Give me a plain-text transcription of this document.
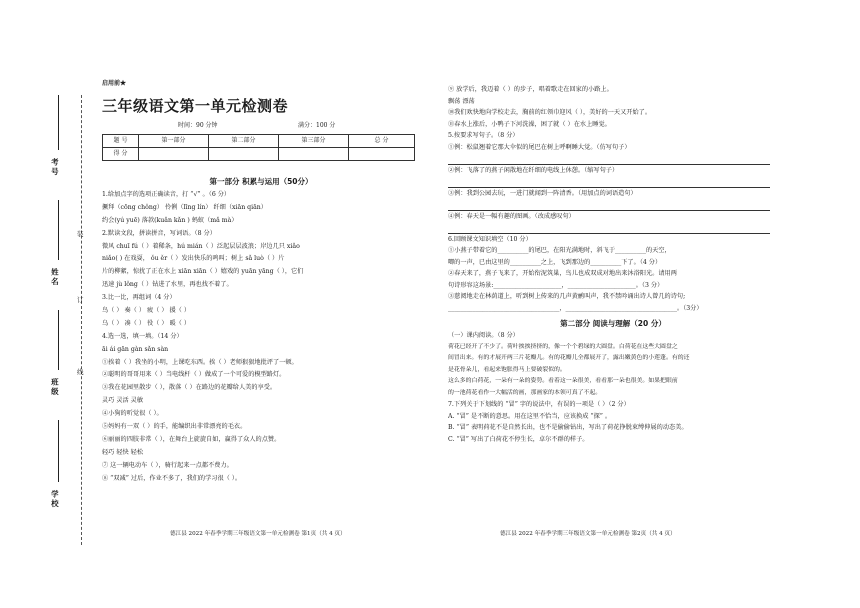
考号
姓名
班级
学校
装
订
线
启用前★
三年级语文第一单元检测卷
时间：90 分钟	满分：100 分
题 号	第一部分	第二部分	第三部分	总 分
得 分				
第一部分 积累与运用（50分）
1.给加点字的选项正确读音，打 “√” 。（6 分）
撅拜（cōng chǒng） 伶俐（līng lín） 纤细（xiān qiān）
约会(yú yuē) 落款(kuǎn kǎn ) 蚂蚁（mǎ mà）
2.默读文段，拼读拼音，写词语。（8 分）
微风 chuī fú（ ）着稀条，hú mián（ ）泛起层层波浪；岸边几只 xiǎo
niǎo( ) 在戏耍， ǒu ěr（ ）发出快乐的鸣叫；树上 sǎ luò（ ）片
片的柳絮，惊扰了正在水上 xiān xiān（ ）嬉戏的 yuān yāng（ ），它们
迅速 jù lǒng（ ）钻进了水里，再也找不着了。
3.比一比，再组词（4 分）
鸟（ ） 奏（ ） 疲（ ） 援（ ）
乌（ ） 凑（ ） 役（ ） 暖（ ）
4.选一选，填一填。（14 分）
āi ái gān gàn sǎn sàn
①挨着（ ）我坐的小明，上课吃东西。挨（ ）老师狠狠地批评了一顿。
②聪明的哥哥用来（ ）当电线杆（ ）做成了一个可爱的模型路灯。
③我在花园里散步（ ），散落（ ）在路边的花瓣给人美的享受。
灵巧 灵活 灵敏
④小狗的听觉很（ ）。
⑤妈妈有一双（ ）的手，能编织出非常漂亮的毛衣。
⑥丽丽的四肢非常（ ），在舞台上旋旋自如，赢得了众人的点赞。
轻巧 轻快 轻松
⑦ 这一辆电动车（ ），骑行起来一点都不费力。
⑧ “双减” 过后，作业不多了，我们的学习很（ ）。
德江县 2022 年春季学期三年级语文第一单元检测卷 第1页（共 4 页）
⑨ 放学后，我迈着（ ）的步子，唱着歌走在回家的小路上。
飘荡 漂荡
⑩我们欢快地向学校走去，胸前的红领巾迎风（ ），美好的一天又开始了。
⑪春水上涨后，小鸭子下河洗澡，困了就（ ）在水上睡觉。
5.按要求写句子。（8 分）
①例：松鼠翘着它那大伞似的尾巴在树上呼啊睡大觉。（仿写句子）
②例：飞落了的燕子闲散地在纤细的电线上休憩。（缩写句子）
③例：我到公园去玩，一进门就闻到一阵清香。（用加点的词语造句）
④例：春天是一幅有趣的图画。（改成感叹句）
6.回顾课文知识填空（10 分）
①小燕子带着它的__________的尾巴，在阳光满地时，斜飞于__________的天空，
唧的一声，已由这里的__________之上，飞到那边的__________下了。（4 分）
②春天来了，燕子飞来了，开始衔泥筑巢，鸟儿也成双成对地出来沐浴阳光。请用两
句诗形容这场景:______________________，______________________。（3 分）
③慈阅地走在林荫道上，听到树上传来的几声黄鹂叫声，我不禁吟诵出诗人曾几的诗句;
____________________________________，____________________________________。（3分）
第二部分 阅读与理解（20 分）
（一）课内阅读。（8 分）
荷花已经开了不少了。荷叶挨挨挤挤的，像一个个碧绿的大圆盘。白荷花在这些大圆盘之
间冒出来。有的才展开两三片花瓣儿。有的花瓣儿全都展开了，露出嫩黄色的小莲蓬。有的还
是花骨朵儿，看起来饱胀得马上要破裂似的。
这么多的白荷花，一朵有一朵的姿势。看着这一朵很美，看看那一朵也很美。如果把眼前
的一池荷花看作一大幅活的画，那画家的本领可真了不起。
7.下列关于下划线的 “冒” 字的说法中，有误的一项是（ ）（2 分）
A. “冒” 是不断的意思。用在这里不恰当，应该换成 “探” 。
B. “冒” 表明荷花不是自然长出，也不是偷偷钻出，写出了荷花挣脱束缚伸展的动态美。
C. “冒” 写出了白荷花不停生长，卓尔不群的样子。
德江县 2022 年春季学期三年级语文第一单元检测卷 第2页（共 4 页）
